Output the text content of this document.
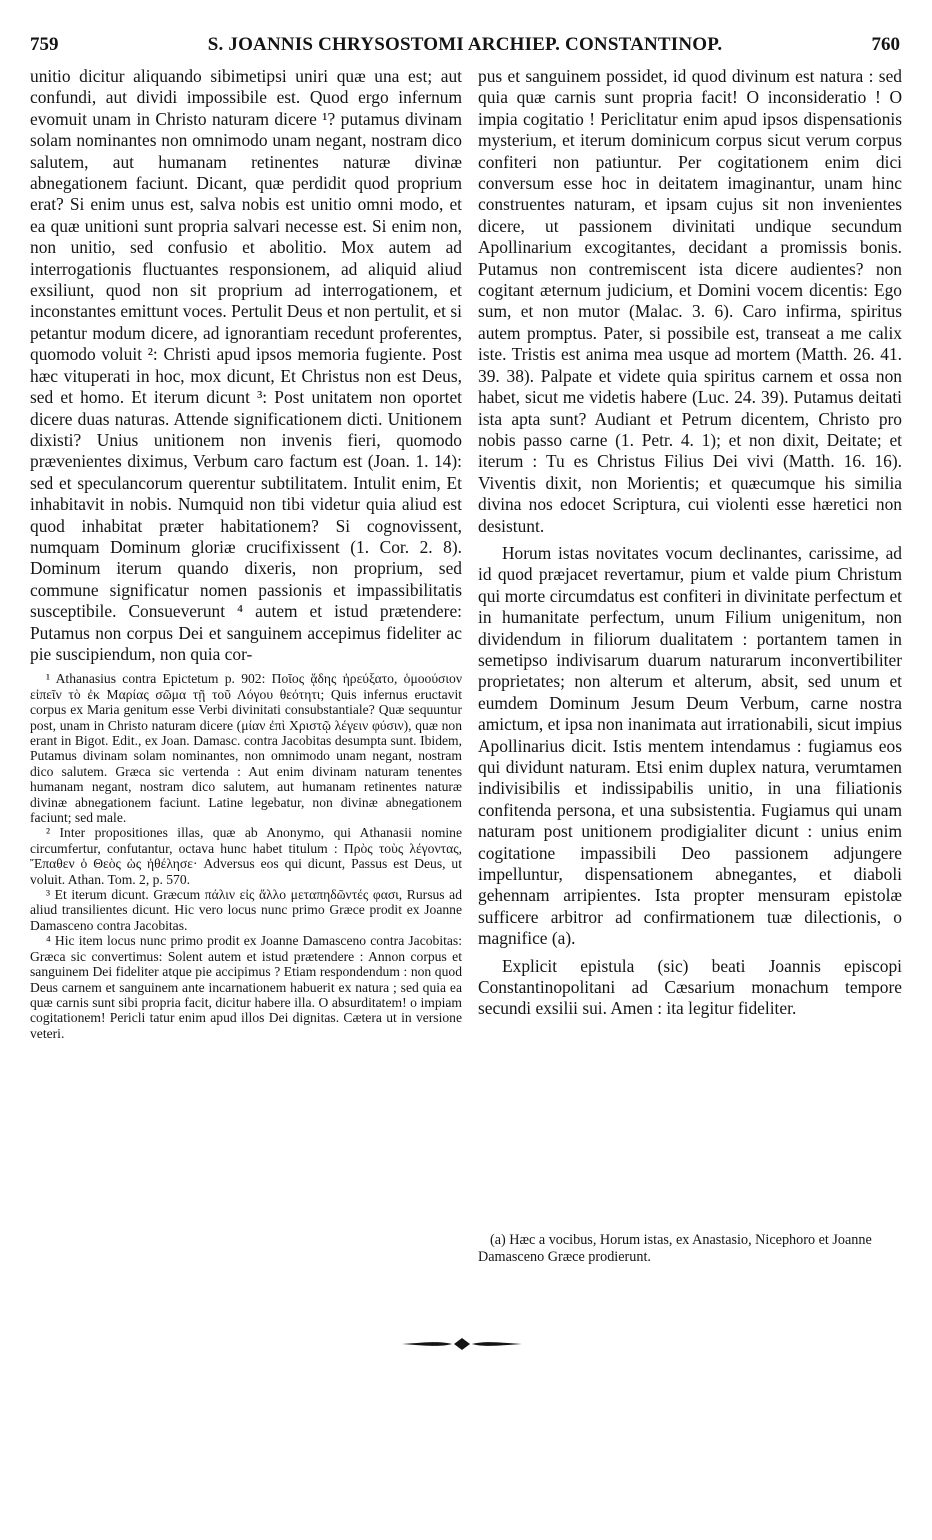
759	S. JOANNIS CHRYSOSTOMI ARCHIEP. CONSTANTINOP.	760

unitio dicitur aliquando sibimetipsi uniri quæ una est; aut confundi, aut dividi impossibile est. Quod ergo infernum evomuit unam in Christo naturam dicere ¹? putamus divinam solam nominantes non omnimodo unam negant, nostram dico salutem, aut humanam retinentes naturæ divinæ abnegationem faciunt. Dicant, quæ perdidit quod proprium erat? Si enim unus est, salva nobis est unitio omni modo, et ea quæ unitioni sunt propria salvari necesse est. Si enim non, non unitio, sed confusio et abolitio. Mox autem ad interrogationis fluctuantes responsionem, ad aliquid aliud exsiliunt, quod non sit proprium ad interrogationem, et inconstantes emittunt voces. Pertulit Deus et non pertulit, et si petantur modum dicere, ad ignorantiam recedunt proferentes, quomodo voluit ²: Christi apud ipsos memoria fugiente. Post hæc vituperati in hoc, mox dicunt, Et Christus non est Deus, sed et homo. Et iterum dicunt ³: Post unitatem non oportet dicere duas naturas. Attende significationem dicti. Unitionem dixisti? Unius unitionem non invenis fieri, quomodo prævenientes diximus, Verbum caro factum est (Joan. 1. 14): sed et speculancorum querentur subtilitatem. Intulit enim, Et inhabitavit in nobis. Numquid non tibi videtur quia aliud est quod inhabitat præter habitationem? Si cognovissent, numquam Dominum gloriæ crucifixissent (1. Cor. 2. 8). Dominum iterum quando dixeris, non proprium, sed commune significatur nomen passionis et impassibilitatis susceptibile. Consueverunt ⁴ autem et istud prætendere: Putamus non corpus Dei et sanguinem accepimus fideliter ac pie suscipiendum, non quia cor-

¹ Athanasius contra Epictetum p. 902: Ποῖος ᾅδης ἠρεύξατο, ὁμοούσιον εἰπεῖν τὸ ἐκ Μαρίας σῶμα τῇ τοῦ Λόγου θεότητι; Quis infernus eructavit corpus ex Maria genitum esse Verbi divinitati consubstantiale? Quæ sequuntur post, unam in Christo naturam dicere (μίαν ἐπὶ Χριστῷ λέγειν φύσιν), quæ non erant in Bigot. Edit., ex Joan. Damasc. contra Jacobitas desumpta sunt. Ibidem, Putamus divinam solam nominantes, non omnimodo unam negant, nostram dico salutem. Græca sic vertenda : Aut enim divinam naturam tenentes humanam negant, nostram dico salutem, aut humanam retinentes naturæ divinæ abnegationem faciunt. Latine legebatur, non divinæ abnegationem faciunt; sed male.

² Inter propositiones illas, quæ ab Anonymo, qui Athanasii nomine circumfertur, confutantur, octava hunc habet titulum : Πρὸς τοὺς λέγοντας, Ἔπαθεν ὁ Θεὸς ὡς ἠθέλησε· Adversus eos qui dicunt, Passus est Deus, ut voluit. Athan. Tom. 2, p. 570.

³ Et iterum dicunt. Græcum πάλιν εἰς ἄλλο μεταπηδῶντές φασι, Rursus ad aliud transilientes dicunt. Hic vero locus nunc primo Græce prodit ex Joanne Damasceno contra Jacobitas.

⁴ Hic item locus nunc primo prodit ex Joanne Damasceno contra Jacobitas: Græca sic convertimus: Solent autem et istud prætendere : Annon corpus et sanguinem Dei fideliter atque pie accipimus ? Etiam respondendum : non quod Deus carnem et sanguinem ante incarnationem habuerit ex natura ; sed quia ea quæ carnis sunt sibi propria facit, dicitur habere illa. O absurditatem! o impiam cogitationem! Pericli tatur enim apud illos Dei dignitas. Cætera ut in versione veteri.

pus et sanguinem possidet, id quod divinum est natura : sed quia quæ carnis sunt propria facit! O inconsideratio ! O impia cogitatio ! Periclitatur enim apud ipsos dispensationis mysterium, et iterum dominicum corpus sicut verum corpus confiteri non patiuntur. Per cogitationem enim dici conversum esse hoc in deitatem imaginantur, unam hinc construentes naturam, et ipsam cujus sit non invenientes dicere, ut passionem divinitati undique secundum Apollinarium excogitantes, decidant a promissis bonis. Putamus non contremiscent ista dicere audientes? non cogitant æternum judicium, et Domini vocem dicentis: Ego sum, et non mutor (Malac. 3. 6). Caro infirma, spiritus autem promptus. Pater, si possibile est, transeat a me calix iste. Tristis est anima mea usque ad mortem (Matth. 26. 41. 39. 38). Palpate et videte quia spiritus carnem et ossa non habet, sicut me videtis habere (Luc. 24. 39). Putamus deitati ista apta sunt? Audiant et Petrum dicentem, Christo pro nobis passo carne (1. Petr. 4. 1); et non dixit, Deitate; et iterum : Tu es Christus Filius Dei vivi (Matth. 16. 16). Viventis dixit, non Morientis; et quæcumque his similia divina nos edocet Scriptura, cui violenti esse hæretici non desistunt.

Horum istas novitates vocum declinantes, carissime, ad id quod præjacet revertamur, pium et valde pium Christum qui morte circumdatus est confiteri in divinitate perfectum et in humanitate perfectum, unum Filium unigenitum, non dividendum in filiorum dualitatem : portantem tamen in semetipso indivisarum duarum naturarum inconvertibiliter proprietates; non alterum et alterum, absit, sed unum et eumdem Dominum Jesum Deum Verbum, carne nostra amictum, et ipsa non inanimata aut irrationabili, sicut impius Apollinarius dicit. Istis mentem intendamus : fugiamus eos qui dividunt naturam. Etsi enim duplex natura, verumtamen indivisibilis et indissipabilis unitio, in una filiationis confitenda persona, et una subsistentia. Fugiamus qui unam naturam post unitionem prodigialiter dicunt : unius enim cogitatione impassibili Deo passionem adjungere impelluntur, dispensationem abnegantes, et diaboli gehennam arripientes. Ista propter mensuram epistolæ sufficere arbitror ad confirmationem tuæ dilectionis, o magnifice (a).

Explicit epistula (sic) beati Joannis episcopi Constantinopolitani ad Cæsarium monachum tempore secundi exsilii sui. Amen : ita legitur fideliter.

(a) Hæc a vocibus, Horum istas, ex Anastasio, Nicephoro et Joanne Damasceno Græce prodierunt.
